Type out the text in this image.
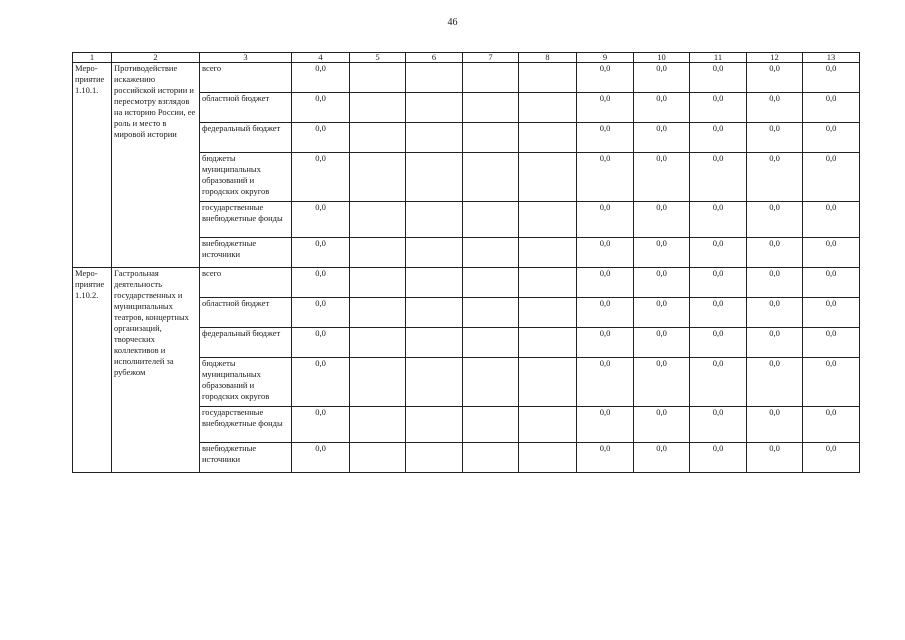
46
1	2	3	4	5	6	7	8	9	10	11	12	13
Меро-приятие 1.10.1.	Противодействие искажению российской истории и пересмотру взглядов на историю России, ее роль и место в мировой истории	всего	0,0					0,0	0,0	0,0	0,0	0,0
		областной бюджет	0,0					0,0	0,0	0,0	0,0	0,0
		федеральный бюджет	0,0					0,0	0,0	0,0	0,0	0,0
		бюджеты муниципальных образований и городских округов	0,0					0,0	0,0	0,0	0,0	0,0
		государственные внебюджетные фонды	0,0					0,0	0,0	0,0	0,0	0,0
		внебюджетные источники	0,0					0,0	0,0	0,0	0,0	0,0
Меро-приятие 1.10.2.	Гастрольная деятельность государственных и муниципальных театров, концертных организаций, творческих коллективов и исполнителей за рубежом	всего	0,0					0,0	0,0	0,0	0,0	0,0
		областной бюджет	0,0					0,0	0,0	0,0	0,0	0,0
		федеральный бюджет	0,0					0,0	0,0	0,0	0,0	0,0
		бюджеты муниципальных образований и городских округов	0,0					0,0	0,0	0,0	0,0	0,0
		государственные внебюджетные фонды	0,0					0,0	0,0	0,0	0,0	0,0
		внебюджетные источники	0,0					0,0	0,0	0,0	0,0	0,0
